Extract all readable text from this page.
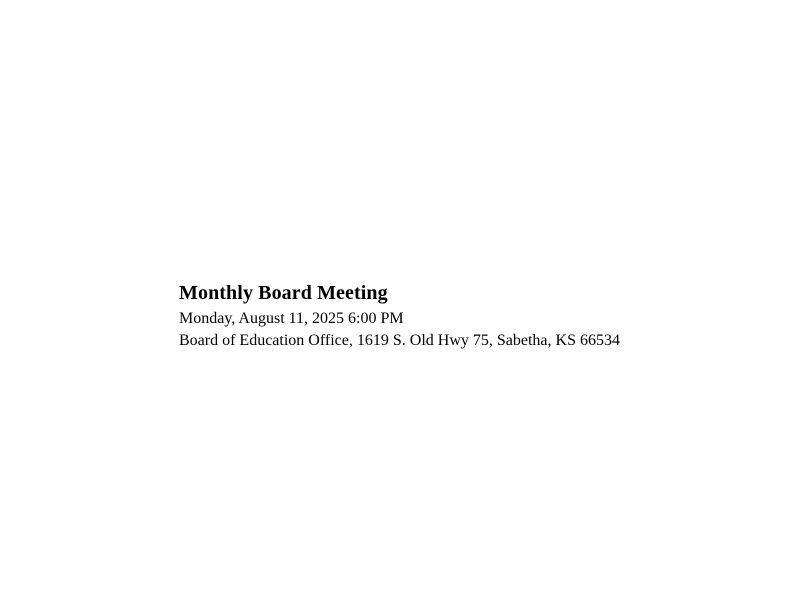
Monthly Board Meeting

Monday, August 11, 2025 6:00 PM

Board of Education Office, 1619 S. Old Hwy 75, Sabetha, KS 66534
